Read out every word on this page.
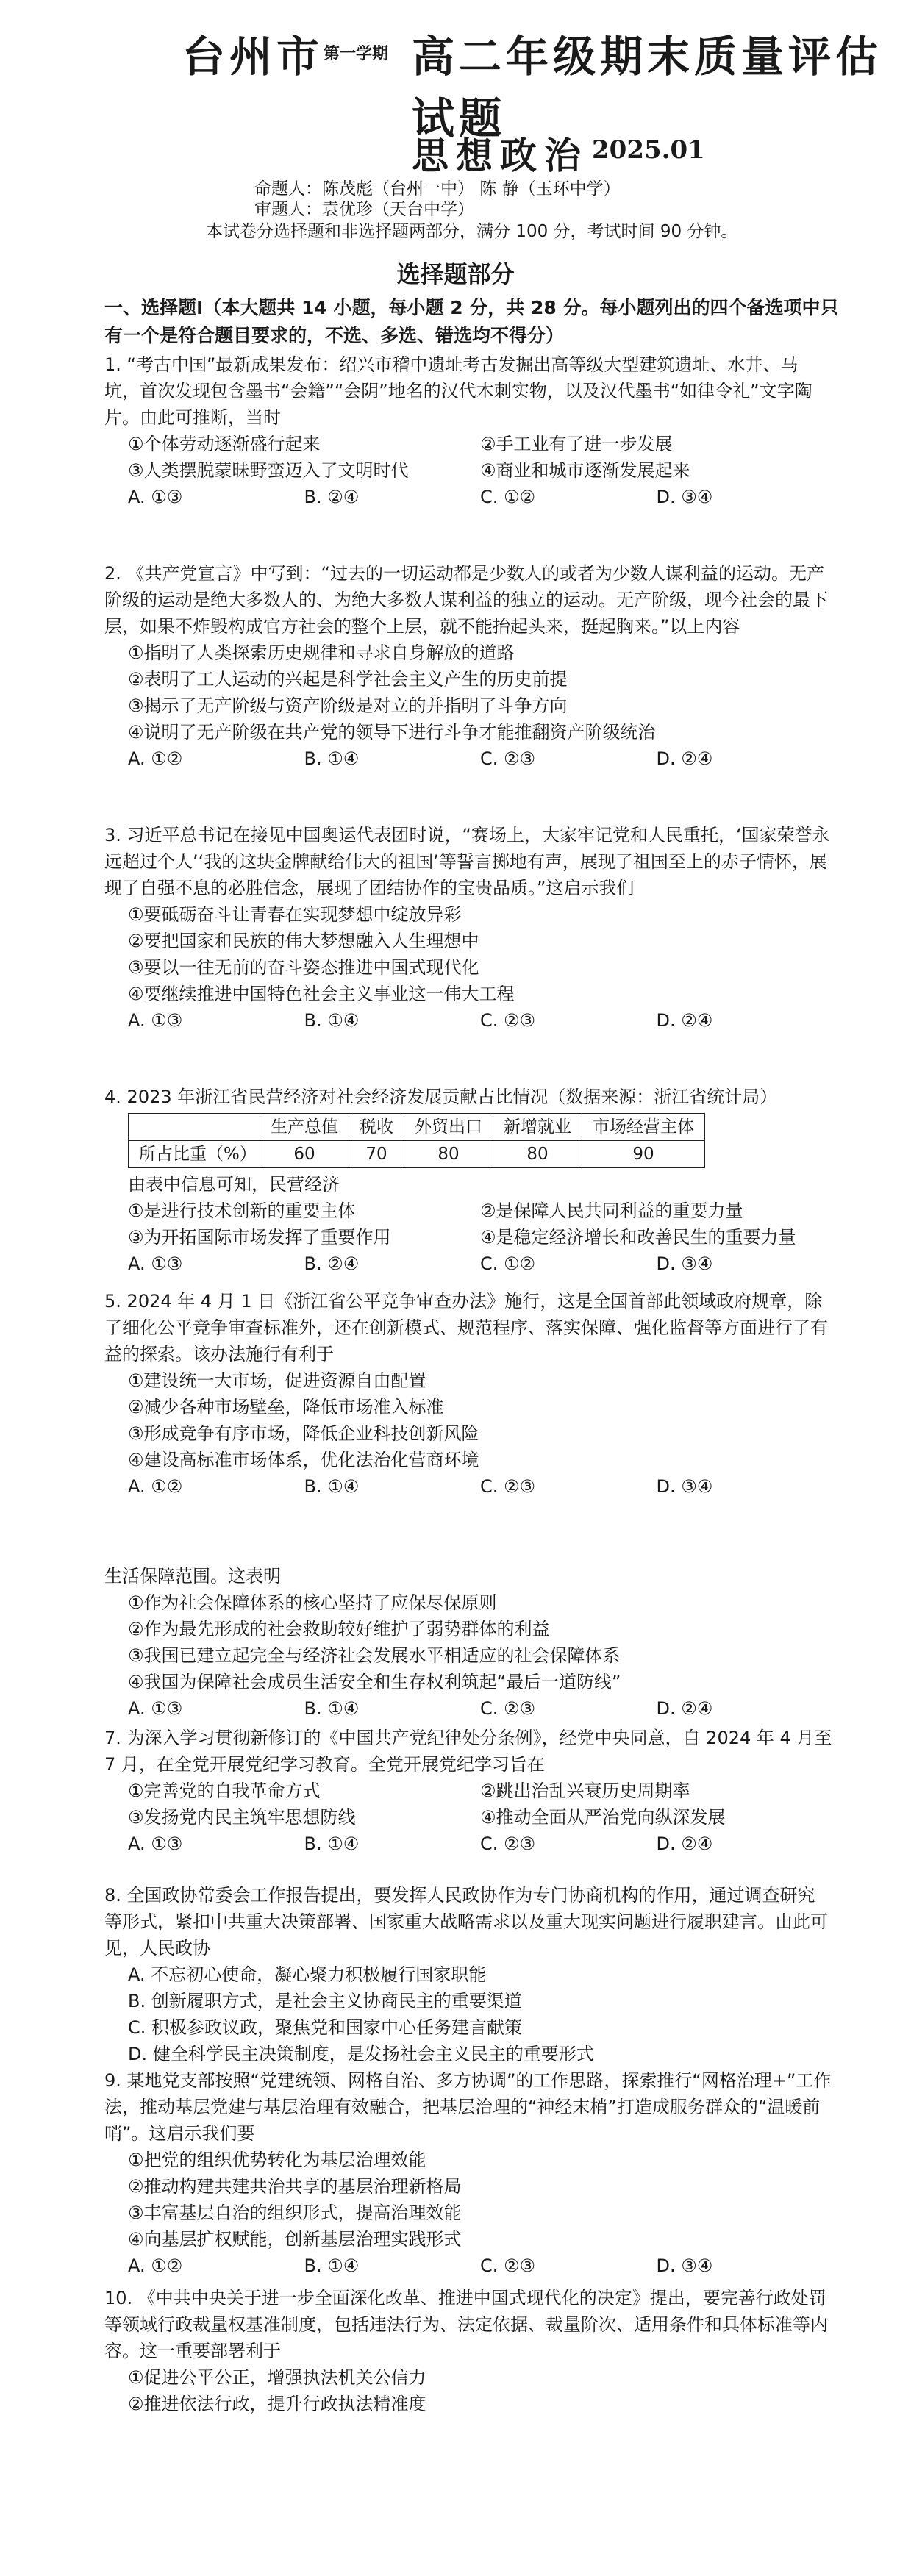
台州市 第一学期 高二年级期末质量评估试题
思想政治 2025.01
命题人：陈茂彪（台州一中） 陈 静（玉环中学）
审题人：袁优珍（天台中学）
本试卷分选择题和非选择题两部分，满分 100 分，考试时间 90 分钟。
选择题部分
一、选择题Ⅰ（本大题共 14 小题，每小题 2 分，共 28 分。每小题列出的四个备选项中只有一个是符合题目要求的，不选、多选、错选均不得分）

1. “考古中国”最新成果发布：绍兴市稽中遗址考古发掘出高等级大型建筑遗址、水井、马坑，首次发现包含墨书“会籍”“会阴”地名的汉代木刺实物，以及汉代墨书“如律令礼”文字陶片。由此可推断，当时

①个体劳动逐渐盛行起来	②手工业有了进一步发展
③人类摆脱蒙昧野蛮迈入了文明时代	④商业和城市逐渐发展起来
A. ①③	B. ②④	C. ①②	D. ③④

2. 《共产党宣言》中写到：“过去的一切运动都是少数人的或者为少数人谋利益的运动。无产阶级的运动是绝大多数人的、为绝大多数人谋利益的独立的运动。无产阶级，现今社会的最下层，如果不炸毁构成官方社会的整个上层，就不能抬起头来，挺起胸来。”以上内容

①指明了人类探索历史规律和寻求自身解放的道路
②表明了工人运动的兴起是科学社会主义产生的历史前提
③揭示了无产阶级与资产阶级是对立的并指明了斗争方向
④说明了无产阶级在共产党的领导下进行斗争才能推翻资产阶级统治
A. ①②	B. ①④	C. ②③	D. ②④

3. 习近平总书记在接见中国奥运代表团时说，“赛场上，大家牢记党和人民重托，‘国家荣誉永远超过个人’‘我的这块金牌献给伟大的祖国’等誓言掷地有声，展现了祖国至上的赤子情怀，展现了自强不息的必胜信念，展现了团结协作的宝贵品质。”这启示我们

①要砥砺奋斗让青春在实现梦想中绽放异彩
②要把国家和民族的伟大梦想融入人生理想中
③要以一往无前的奋斗姿态推进中国式现代化
④要继续推进中国特色社会主义事业这一伟大工程
A. ①③	B. ①④	C. ②③	D. ②④

4. 2023 年浙江省民营经济对社会经济发展贡献占比情况（数据来源：浙江省统计局）

	生产总值	税收	外贸出口	新增就业	市场经营主体
所占比重（%）	60	70	80	80	90
由表中信息可知，民营经济
①是进行技术创新的重要主体	②是保障人民共同利益的重要力量
③为开拓国际市场发挥了重要作用	④是稳定经济增长和改善民生的重要力量
A. ①③	B. ②④	C. ①②	D. ③④

5. 2024 年 4 月 1 日《浙江省公平竞争审查办法》施行，这是全国首部此领域政府规章，除了细化公平竞争审查标准外，还在创新模式、规范程序、落实保障、强化监督等方面进行了有益的探索。该办法施行有利于

①建设统一大市场，促进资源自由配置
②减少各种市场壁垒，降低市场准入标准
③形成竞争有序市场，降低企业科技创新风险
④建设高标准市场体系，优化法治化营商环境
A. ①②	B. ①④	C. ②③	D. ③④
生活保障范围。这表明
①作为社会保障体系的核心坚持了应保尽保原则
②作为最先形成的社会救助较好维护了弱势群体的利益
③我国已建立起完全与经济社会发展水平相适应的社会保障体系
④我国为保障社会成员生活安全和生存权利筑起“最后一道防线”
A. ①③	B. ①④	C. ②③	D. ②④

7. 为深入学习贯彻新修订的《中国共产党纪律处分条例》，经党中央同意，自 2024 年 4 月至 7 月，在全党开展党纪学习教育。全党开展党纪学习旨在

①完善党的自我革命方式	②跳出治乱兴衰历史周期率
③发扬党内民主筑牢思想防线	④推动全面从严治党向纵深发展
A. ①③	B. ①④	C. ②③	D. ②④

8. 全国政协常委会工作报告提出，要发挥人民政协作为专门协商机构的作用，通过调查研究等形式，紧扣中共重大决策部署、国家重大战略需求以及重大现实问题进行履职建言。由此可见，人民政协

A. 不忘初心使命，凝心聚力积极履行国家职能
B. 创新履职方式，是社会主义协商民主的重要渠道
C. 积极参政议政，聚焦党和国家中心任务建言献策
D. 健全科学民主决策制度，是发扬社会主义民主的重要形式

9. 某地党支部按照“党建统领、网格自治、多方协调”的工作思路，探索推行“网格治理+”工作法，推动基层党建与基层治理有效融合，把基层治理的“神经末梢”打造成服务群众的“温暖前哨”。这启示我们要

①把党的组织优势转化为基层治理效能
②推动构建共建共治共享的基层治理新格局
③丰富基层自治的组织形式，提高治理效能
④向基层扩权赋能，创新基层治理实践形式
A. ①②	B. ①④	C. ②③	D. ③④

10. 《中共中央关于进一步全面深化改革、推进中国式现代化的决定》提出，要完善行政处罚等领域行政裁量权基准制度，包括违法行为、法定依据、裁量阶次、适用条件和具体标准等内容。这一重要部署利于

①促进公平公正，增强执法机关公信力
②推进依法行政，提升行政执法精准度
